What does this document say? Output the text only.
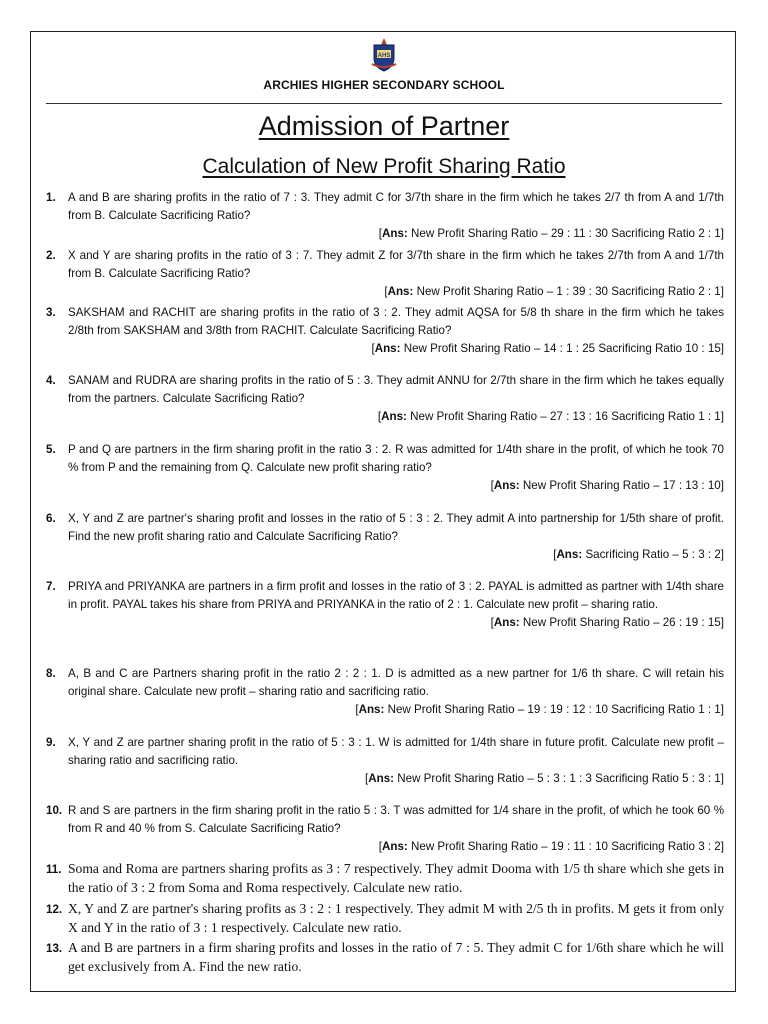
AHS
ARCHIES HIGHER SECONDARY SCHOOL
Admission of Partner
Calculation of New Profit Sharing Ratio
1. A and B are sharing profits in the ratio of 7 : 3. They admit C for 3/7th share in the firm which he takes 2/7 th from A and 1/7th from B. Calculate Sacrificing Ratio?
[Ans: New Profit Sharing Ratio – 29 : 11 : 30 Sacrificing Ratio 2 : 1]
2. X and Y are sharing profits in the ratio of 3 : 7. They admit Z for 3/7th share in the firm which he takes 2/7th from A and 1/7th from B. Calculate Sacrificing Ratio?
[Ans: New Profit Sharing Ratio – 1 : 39 : 30 Sacrificing Ratio 2 : 1]
3. SAKSHAM and RACHIT are sharing profits in the ratio of 3 : 2. They admit AQSA for 5/8 th share in the firm which he takes 2/8th from SAKSHAM and 3/8th from RACHIT. Calculate Sacrificing Ratio?
[Ans: New Profit Sharing Ratio – 14 : 1 : 25 Sacrificing Ratio 10 : 15]
4. SANAM and RUDRA are sharing profits in the ratio of 5 : 3. They admit ANNU for 2/7th share in the firm which he takes equally from the partners. Calculate Sacrificing Ratio?
[Ans: New Profit Sharing Ratio – 27 : 13 : 16 Sacrificing Ratio 1 : 1]
5. P and Q are partners in the firm sharing profit in the ratio 3 : 2. R was admitted for 1/4th share in the profit, of which he took 70 % from P and the remaining from Q. Calculate new profit sharing ratio?
[Ans: New Profit Sharing Ratio – 17 : 13 : 10]
6. X, Y and Z are partner's sharing profit and losses in the ratio of 5 : 3 : 2. They admit A into partnership for 1/5th share of profit. Find the new profit sharing ratio and Calculate Sacrificing Ratio?
[Ans: Sacrificing Ratio – 5 : 3 : 2]
7. PRIYA and PRIYANKA are partners in a firm profit and losses in the ratio of 3 : 2. PAYAL is admitted as partner with 1/4th share in profit. PAYAL takes his share from PRIYA and PRIYANKA in the ratio of 2 : 1. Calculate new profit – sharing ratio.
[Ans: New Profit Sharing Ratio – 26 : 19 : 15]
8. A, B and C are Partners sharing profit in the ratio 2 : 2 : 1. D is admitted as a new partner for 1/6 th share. C will retain his original share. Calculate new profit – sharing ratio and sacrificing ratio.
[Ans: New Profit Sharing Ratio – 19 : 19 : 12 : 10 Sacrificing Ratio 1 : 1]
9. X, Y and Z are partner sharing profit in the ratio of 5 : 3 : 1. W is admitted for 1/4th share in future profit. Calculate new profit – sharing ratio and sacrificing ratio.
[Ans: New Profit Sharing Ratio – 5 : 3 : 1 : 3 Sacrificing Ratio 5 : 3 : 1]
10. R and S are partners in the firm sharing profit in the ratio 5 : 3. T was admitted for 1/4 share in the profit, of which he took 60 % from R and 40 % from S. Calculate Sacrificing Ratio?
[Ans: New Profit Sharing Ratio – 19 : 11 : 10 Sacrificing Ratio 3 : 2]
11. Soma and Roma are partners sharing profits as 3 : 7 respectively. They admit Dooma with 1/5 th share which she gets in the ratio of 3 : 2 from Soma and Roma respectively. Calculate new ratio.
12. X, Y and Z are partner's sharing profits as 3 : 2 : 1 respectively. They admit M with 2/5 th in profits. M gets it from only X and Y in the ratio of 3 : 1 respectively. Calculate new ratio.
13. A and B are partners in a firm sharing profits and losses in the ratio of 7 : 5. They admit C for 1/6th share which he will get exclusively from A. Find the new ratio.
